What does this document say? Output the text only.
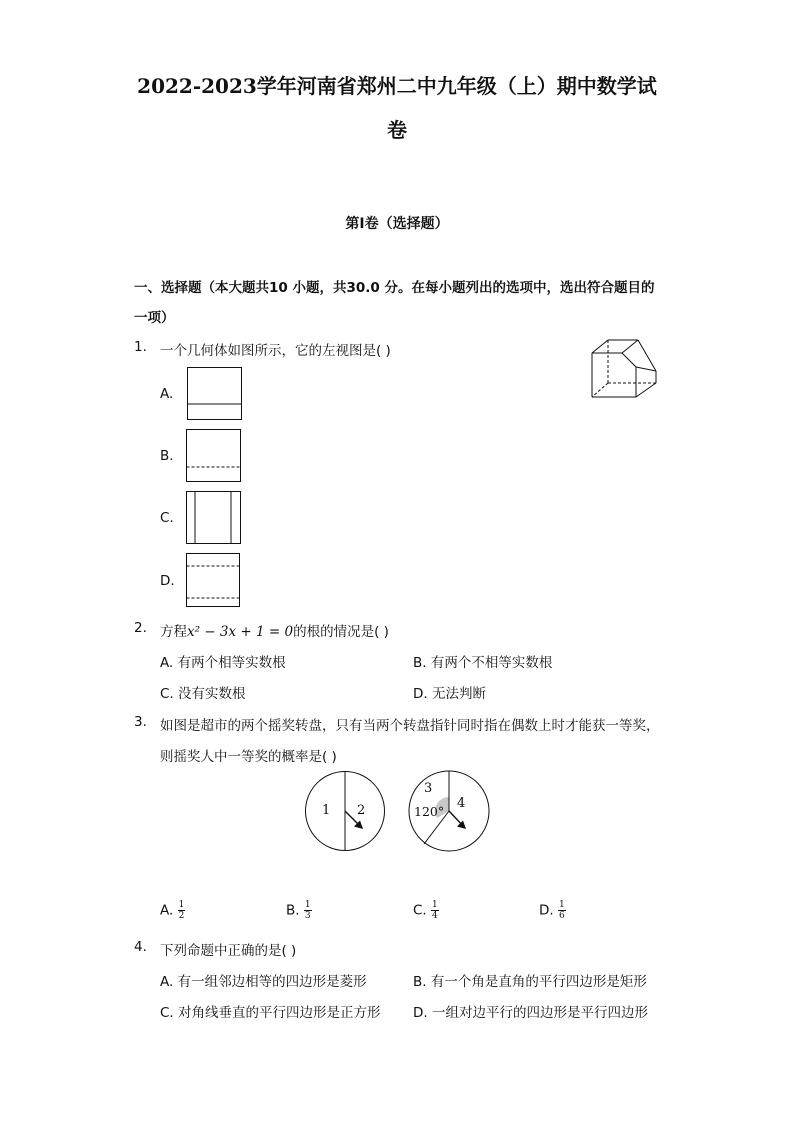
2022-2023学年河南省郑州二中九年级（上）期中数学试
卷
第I卷（选择题）
一、选择题（本大题共10 小题，共30.0 分。在每小题列出的选项中，选出符合题目的
一项）
1. 一个几何体如图所示，它的左视图是( )
A.
B.
C.
D.
2. 方程x² − 3x + 1 = 0的根的情况是( )
A. 有两个相等实数根	B. 有两个不相等实数根
C. 没有实数根	D. 无法判断
3. 如图是超市的两个摇奖转盘，只有当两个转盘指针同时指在偶数上时才能获一等奖，
则摇奖人中一等奖的概率是( )
1 2
3
4
120°
A. $\frac{1}{2}$	B. $\frac{1}{3}$	C. $\frac{1}{4}$	D. $\frac{1}{6}$
4. 下列命题中正确的是( )
A. 有一组邻边相等的四边形是菱形	B. 有一个角是直角的平行四边形是矩形
C. 对角线垂直的平行四边形是正方形 D. 一组对边平行的四边形是平行四边形
